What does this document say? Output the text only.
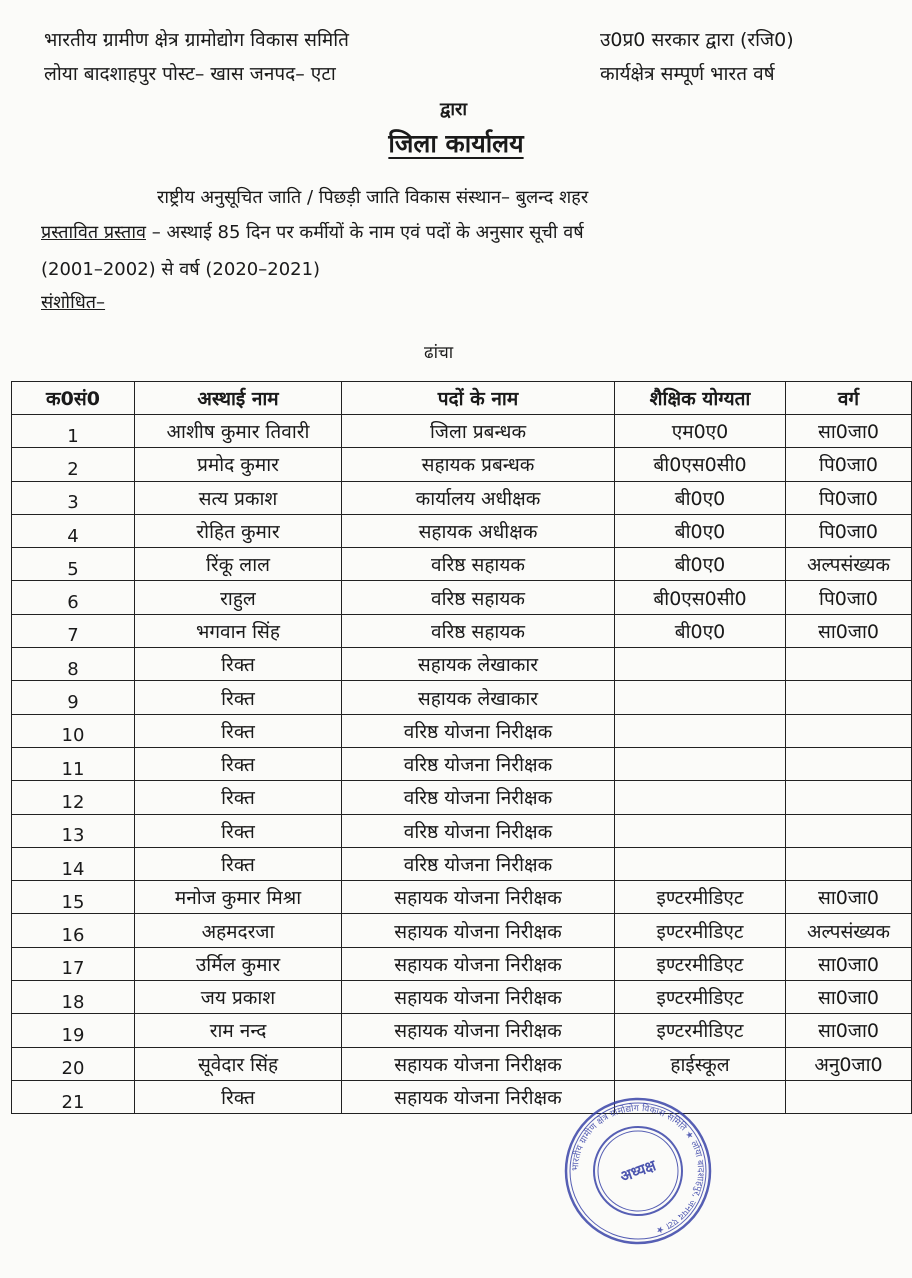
भारतीय ग्रामीण क्षेत्र ग्रामोद्योग विकास समिति
लोया बादशाहपुर पोस्ट– खास जनपद– एटा
उ0प्र0 सरकार द्वारा (रजि0)
कार्यक्षेत्र सम्पूर्ण भारत वर्ष
द्वारा
जिला कार्यालय
राष्ट्रीय अनुसूचित जाति / पिछड़ी जाति विकास संस्थान– बुलन्द शहर
प्रस्तावित प्रस्ताव – अस्थाई 85 दिन पर कर्मीयों के नाम एवं पदों के अनुसार सूची वर्ष
(2001–2002) से वर्ष (2020–2021)
संशोधित–
ढांचा
क0सं0	अस्थाई नाम	पदों के नाम	शैक्षिक योग्यता	वर्ग
1	आशीष कुमार तिवारी	जिला प्रबन्धक	एम0ए0	सा0जा0
2	प्रमोद कुमार	सहायक प्रबन्धक	बी0एस0सी0	पि0जा0
3	सत्य प्रकाश	कार्यालय अधीक्षक	बी0ए0	पि0जा0
4	रोहित कुमार	सहायक अधीक्षक	बी0ए0	पि0जा0
5	रिंकू लाल	वरिष्ठ सहायक	बी0ए0	अल्पसंख्यक
6	राहुल	वरिष्ठ सहायक	बी0एस0सी0	पि0जा0
7	भगवान सिंह	वरिष्ठ सहायक	बी0ए0	सा0जा0
8	रिक्त	सहायक लेखाकार		
9	रिक्त	सहायक लेखाकार		
10	रिक्त	वरिष्ठ योजना निरीक्षक		
11	रिक्त	वरिष्ठ योजना निरीक्षक		
12	रिक्त	वरिष्ठ योजना निरीक्षक		
13	रिक्त	वरिष्ठ योजना निरीक्षक		
14	रिक्त	वरिष्ठ योजना निरीक्षक		
15	मनोज कुमार मिश्रा	सहायक योजना निरीक्षक	इण्टरमीडिएट	सा0जा0
16	अहमदरजा	सहायक योजना निरीक्षक	इण्टरमीडिएट	अल्पसंख्यक
17	उर्मिल कुमार	सहायक योजना निरीक्षक	इण्टरमीडिएट	सा0जा0
18	जय प्रकाश	सहायक योजना निरीक्षक	इण्टरमीडिएट	सा0जा0
19	राम नन्द	सहायक योजना निरीक्षक	इण्टरमीडिएट	सा0जा0
20	सूवेदार सिंह	सहायक योजना निरीक्षक	हाईस्कूल	अनु0जा0
21	रिक्त	सहायक योजना निरीक्षक		
भारतीय ग्रामीण क्षेत्र ग्रामोद्योग विकास समिति ★ लोया बादशाहपुर, जनपद एटा ★
अध्यक्ष
